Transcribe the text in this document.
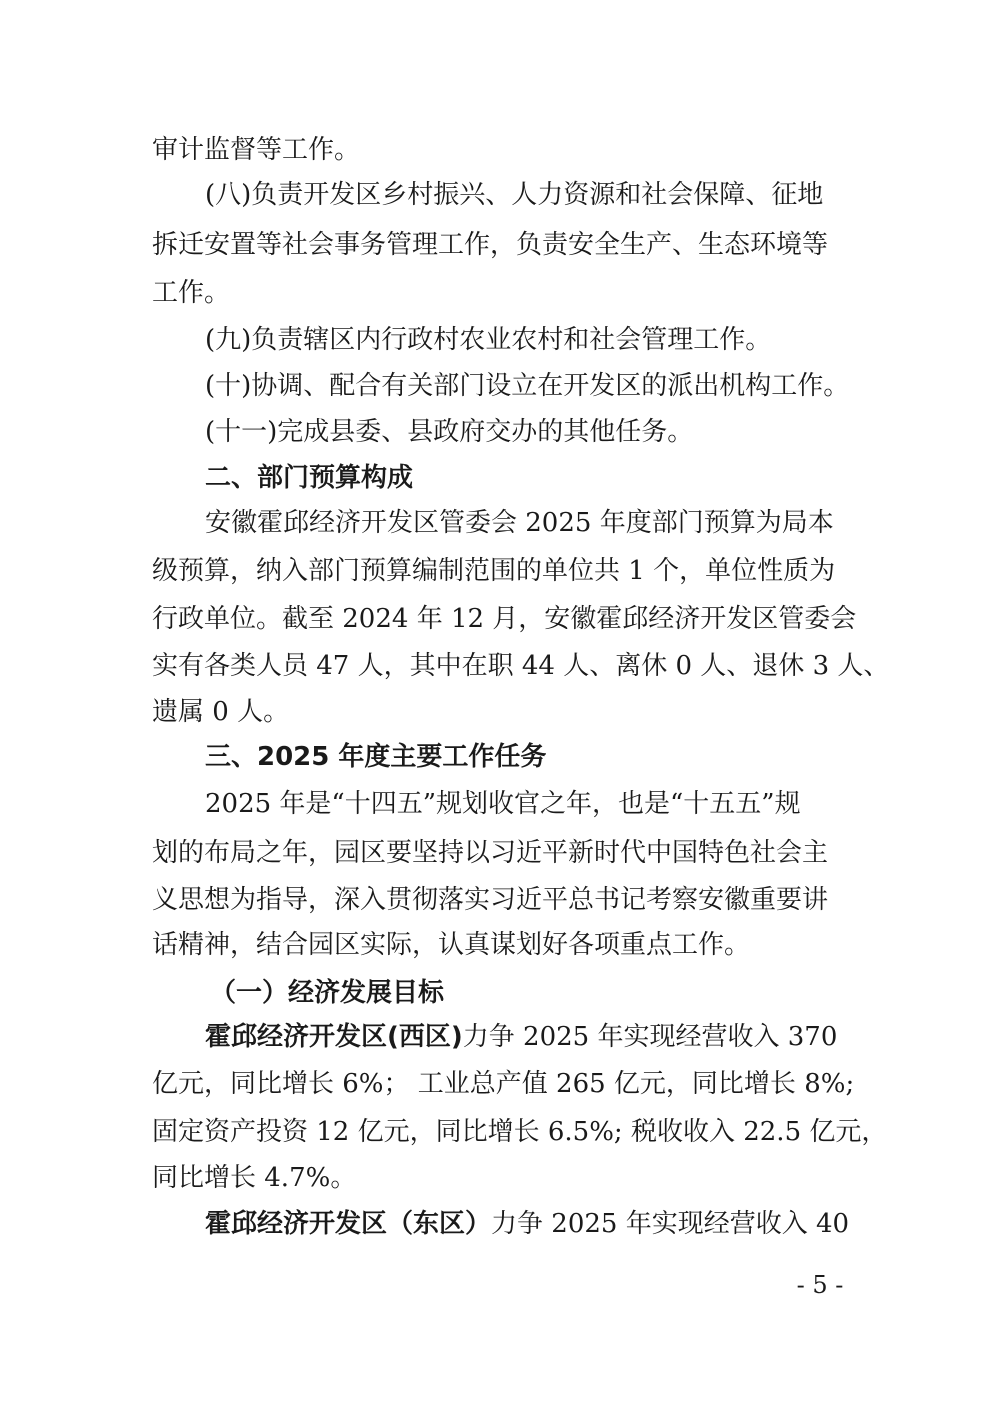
审计监督等工作。
(八)负责开发区乡村振兴、人力资源和社会保障、征地
拆迁安置等社会事务管理工作，负责安全生产、生态环境等
工作。
(九)负责辖区内行政村农业农村和社会管理工作。
(十)协调、配合有关部门设立在开发区的派出机构工作。
(十一)完成县委、县政府交办的其他任务。
二、部门预算构成
安徽霍邱经济开发区管委会 2025 年度部门预算为局本
级预算，纳入部门预算编制范围的单位共 1 个，单位性质为
行政单位。截至 2024 年 12 月，安徽霍邱经济开发区管委会
实有各类人员 47 人，其中在职 44 人、离休 0 人、退休 3 人、
遗属 0 人。
三、2025 年度主要工作任务
2025 年是“十四五”规划收官之年，也是“十五五”规
划的布局之年，园区要坚持以习近平新时代中国特色社会主
义思想为指导，深入贯彻落实习近平总书记考察安徽重要讲
话精神，结合园区实际，认真谋划好各项重点工作。
（一）经济发展目标
霍邱经济开发区(西区)力争 2025 年实现经营收入 370
亿元，同比增长 6%； 工业总产值 265 亿元，同比增长 8%;
固定资产投资 12 亿元，同比增长 6.5%; 税收收入 22.5 亿元，
同比增长 4.7%。
霍邱经济开发区（东区）力争 2025 年实现经营收入 40
- 5 -
